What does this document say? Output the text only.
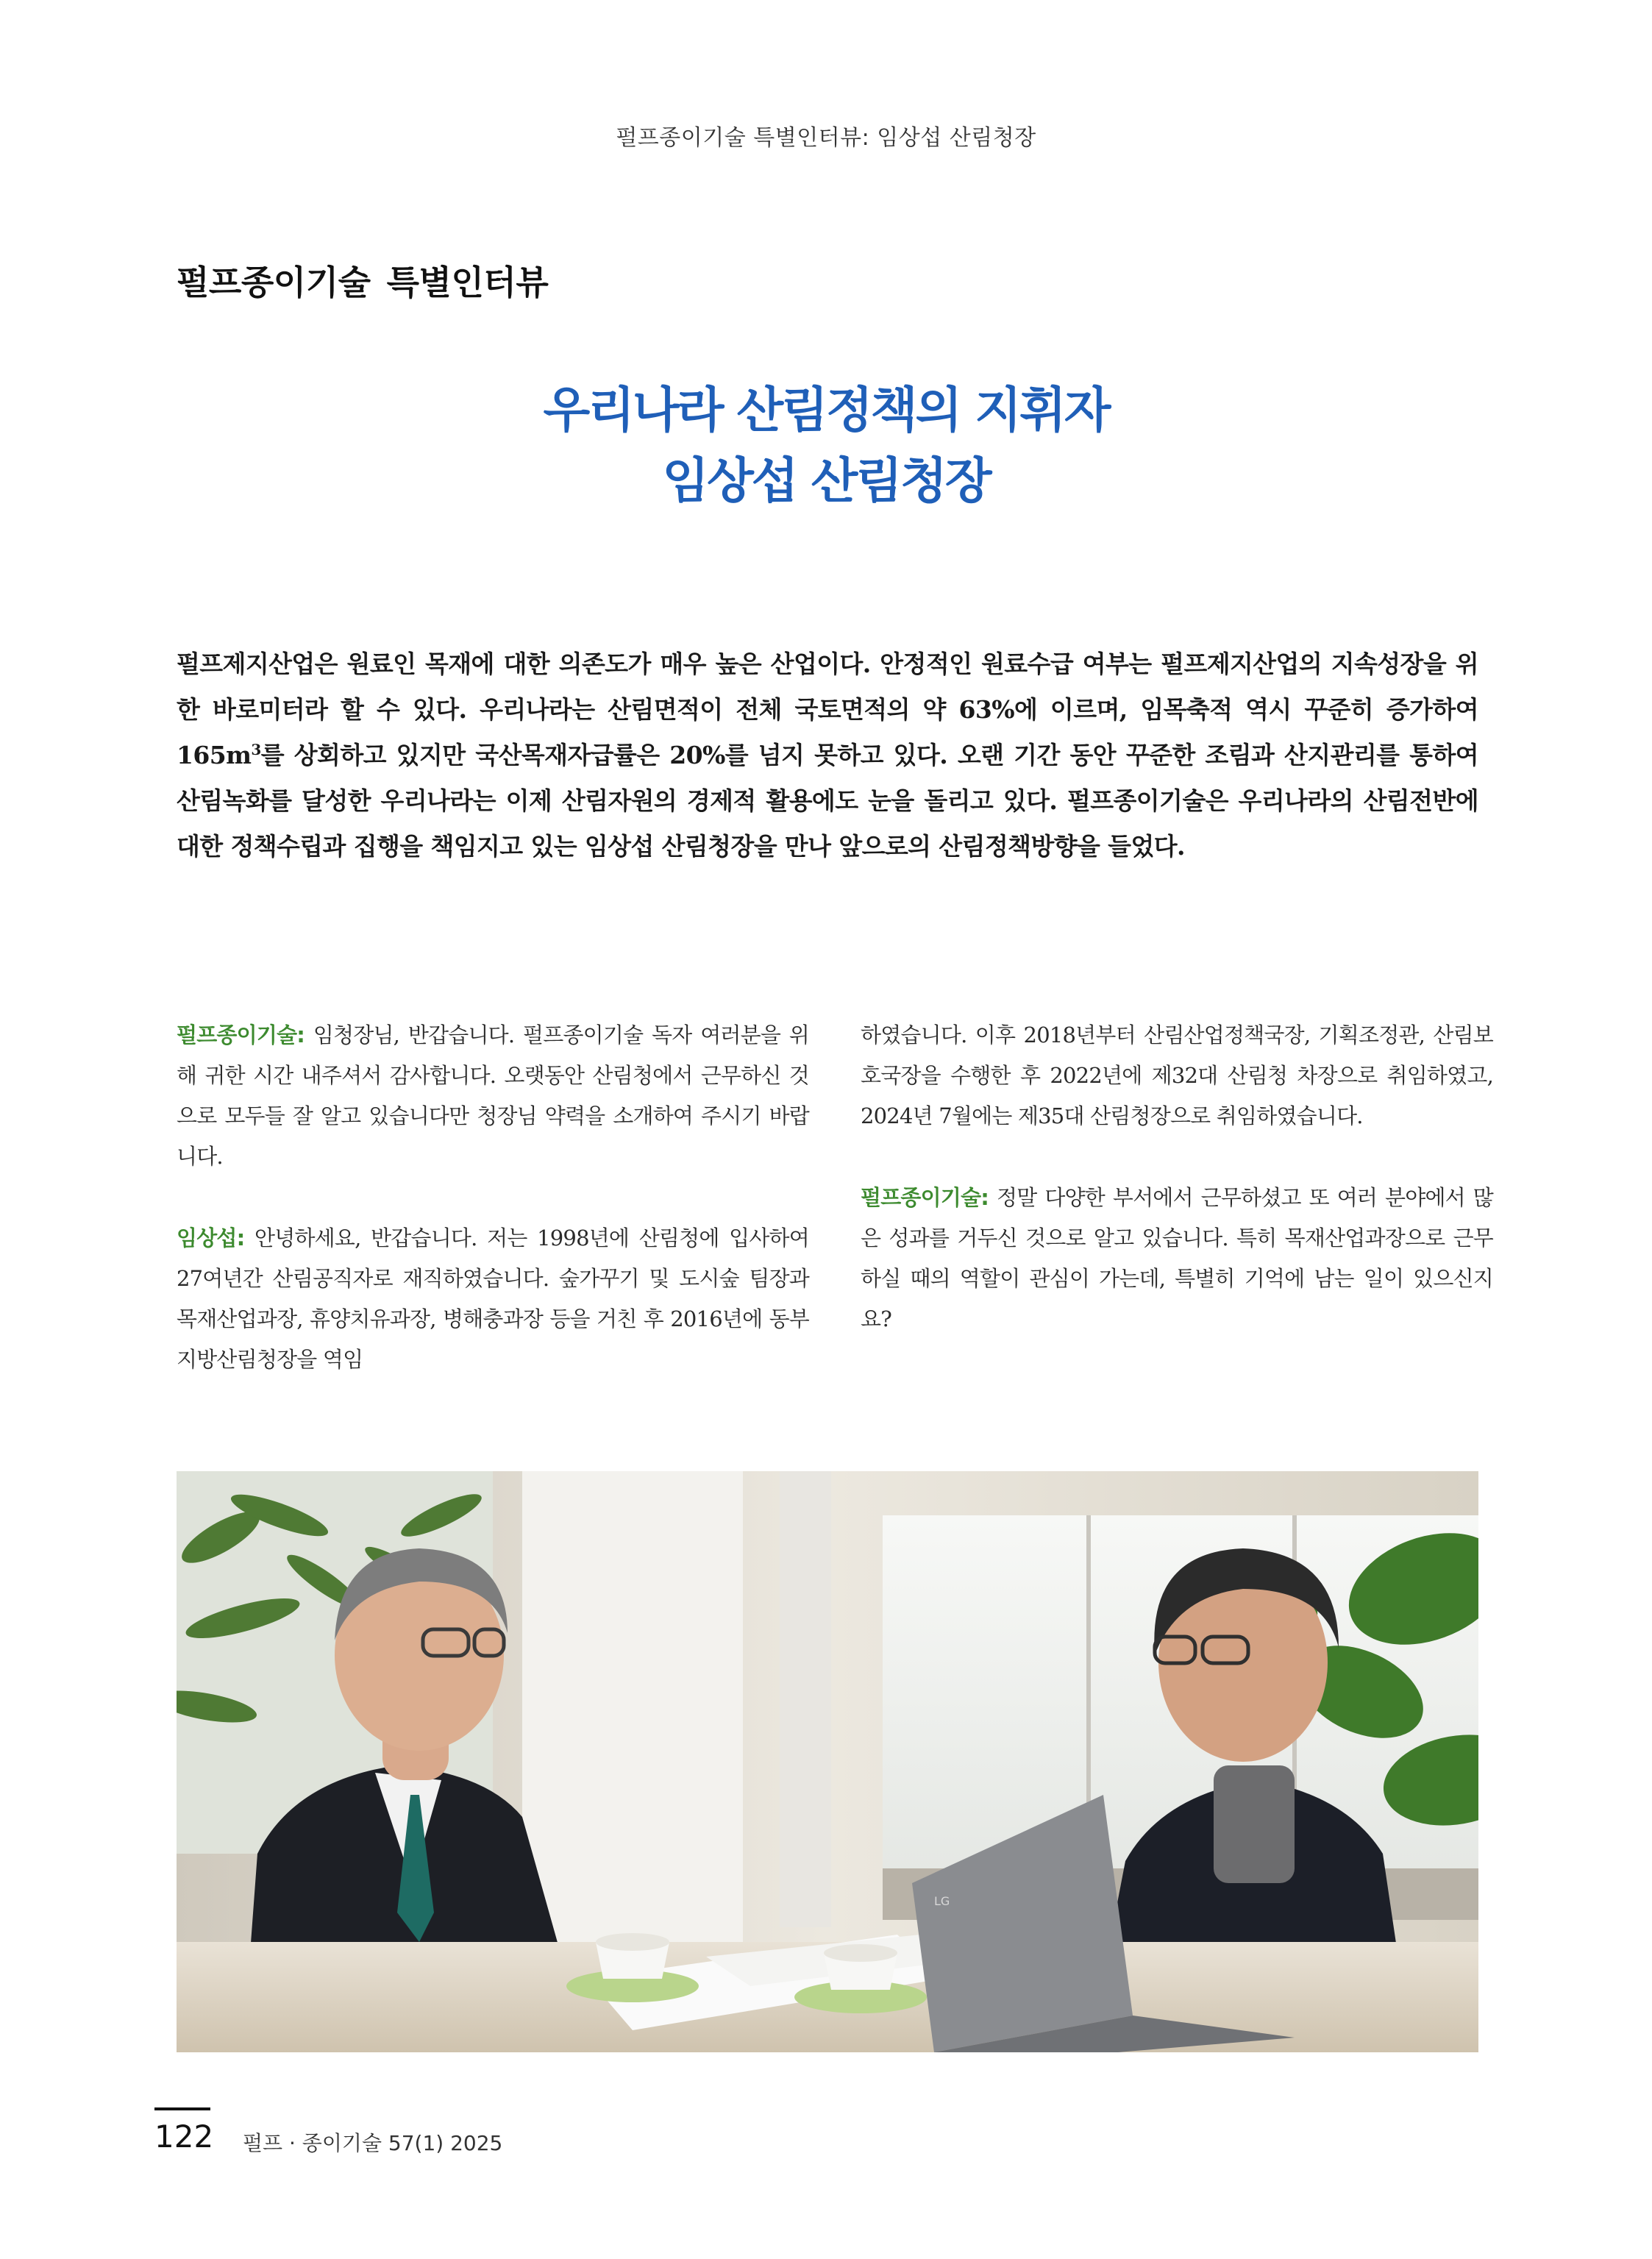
펄프종이기술 특별인터뷰: 임상섭 산림청장
펄프종이기술 특별인터뷰
우리나라 산림정책의 지휘자
임상섭 산림청장
펄프제지산업은 원료인 목재에 대한 의존도가 매우 높은 산업이다. 안정적인 원료수급 여부는 펄프제지산업의 지속성장을 위한 바로미터라 할 수 있다. 우리나라는 산림면적이 전체 국토면적의 약 63%에 이르며, 임목축적 역시 꾸준히 증가하여 $165m^3$를 상회하고 있지만 국산목재자급률은 20%를 넘지 못하고 있다. 오랜 기간 동안 꾸준한 조림과 산지관리를 통하여 산림녹화를 달성한 우리나라는 이제 산림자원의 경제적 활용에도 눈을 돌리고 있다. 펄프종이기술은 우리나라의 산림전반에 대한 정책수립과 집행을 책임지고 있는 임상섭 산림청장을 만나 앞으로의 산림정책방향을 들었다.

펄프종이기술: 임청장님, 반갑습니다. 펄프종이기술 독자 여러분을 위해 귀한 시간 내주셔서 감사합니다. 오랫동안 산림청에서 근무하신 것으로 모두들 잘 알고 있습니다만 청장님 약력을 소개하여 주시기 바랍니다.

임상섭: 안녕하세요, 반갑습니다. 저는 1998년에 산림청에 입사하여 27여년간 산림공직자로 재직하였습니다. 숲가꾸기 및 도시숲 팀장과 목재산업과장, 휴양치유과장, 병해충과장 등을 거친 후 2016년에 동부지방산림청장을 역임

하였습니다. 이후 2018년부터 산림산업정책국장, 기획조정관, 산림보호국장을 수행한 후 2022년에 제32대 산림청 차장으로 취임하였고, 2024년 7월에는 제35대 산림청장으로 취임하였습니다.

펄프종이기술: 정말 다양한 부서에서 근무하셨고 또 여러 분야에서 많은 성과를 거두신 것으로 알고 있습니다. 특히 목재산업과장으로 근무하실 때의 역할이 관심이 가는데, 특별히 기억에 남는 일이 있으신지요?

LG
122 펄프 · 종이기술 57(1) 2025
